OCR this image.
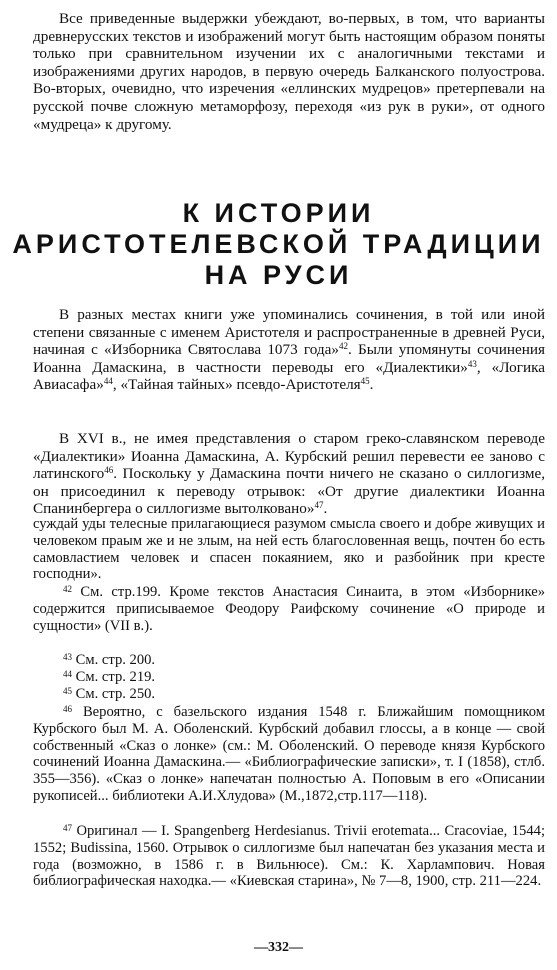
Все приведенные выдержки убеждают, во-первых, в том, что варианты древнерусских текстов и изображений могут быть настоящим образом поняты только при сравнительном изучении их с аналогичными текстами и изображениями других народов, в первую очередь Балканского полуострова. Во-вторых, очевидно, что изречения «еллинских мудрецов» претерпевали на русской почве сложную метаморфозу, переходя «из рук в руки», от одного «мудреца» к другому.

К ИСТОРИИ
АРИСТОТЕЛЕВСКОЙ ТРАДИЦИИ
НА РУСИ

В разных местах книги уже упоминались сочинения, в той или иной степени связанные с именем Аристотеля и распространенные в древней Руси, начиная с «Изборника Святослава 1073 года»$^{42}$. Были упомянуты сочинения Иоанна Дамаскина, в частности переводы его «Диалектики»$^{43}$, «Логика Авиасафа»$^{44}$, «Тайная тайных» псевдо-Аристотеля$^{45}$.

В XVI в., не имея представления о старом греко-славянском переводе «Диалектики» Иоанна Дамаскина, А. Курбский решил перевести ее заново с латинского$^{46}$. Поскольку у Дамаскина почти ничего не сказано о силлогизме, он присоединил к переводу отрывок: «От другие диалектики Иоанна Спанинбергера о силлогизме вытолковано»$^{47}$.

суждай уды телесные прилагающиеся разумом смысла своего и добре живущих и человеком праым же и не злым, на ней есть благословенная вещь, почтен бо есть самовластием человек и спасен покаянием, яко и разбойник при кресте господни».

$^{42}$ См. стр.199. Кроме текстов Анастасия Синаита, в этом «Изборнике» содержится приписываемое Феодору Раифскому сочинение «О природе и сущности» (VII в.).

$^{43}$ См. стр. 200.

$^{44}$ См. стр. 219.

$^{45}$ См. стр. 250.

$^{46}$ Вероятно, с базельского издания 1548 г. Ближайшим помощником Курбского был М. А. Оболенский. Курбский добавил глоссы, а в конце — свой собственный «Сказ о лонке» (см.: М. Оболенский. О переводе князя Курбского сочинений Иоанна Дамаскина.— «Библиографические записки», т. I (1858), стлб. 355—356). «Сказ о лонке» напечатан полностью А. Поповым в его «Описании рукописей... библиотеки А.И.Хлудова» (М.,1872,стр.117—118).

$^{47}$ Оригинал — I. Spangenberg Herdesianus. Trivii erotemata... Cracoviae, 1544; 1552; Budissina, 1560. Отрывок о силлогизме был напечатан без указания места и года (возможно, в 1586 г. в Вильнюсе). См.: К. Харлампович. Новая библиографическая находка.— «Киевская старина», № 7—8, 1900, стр. 211—224.

—332—
